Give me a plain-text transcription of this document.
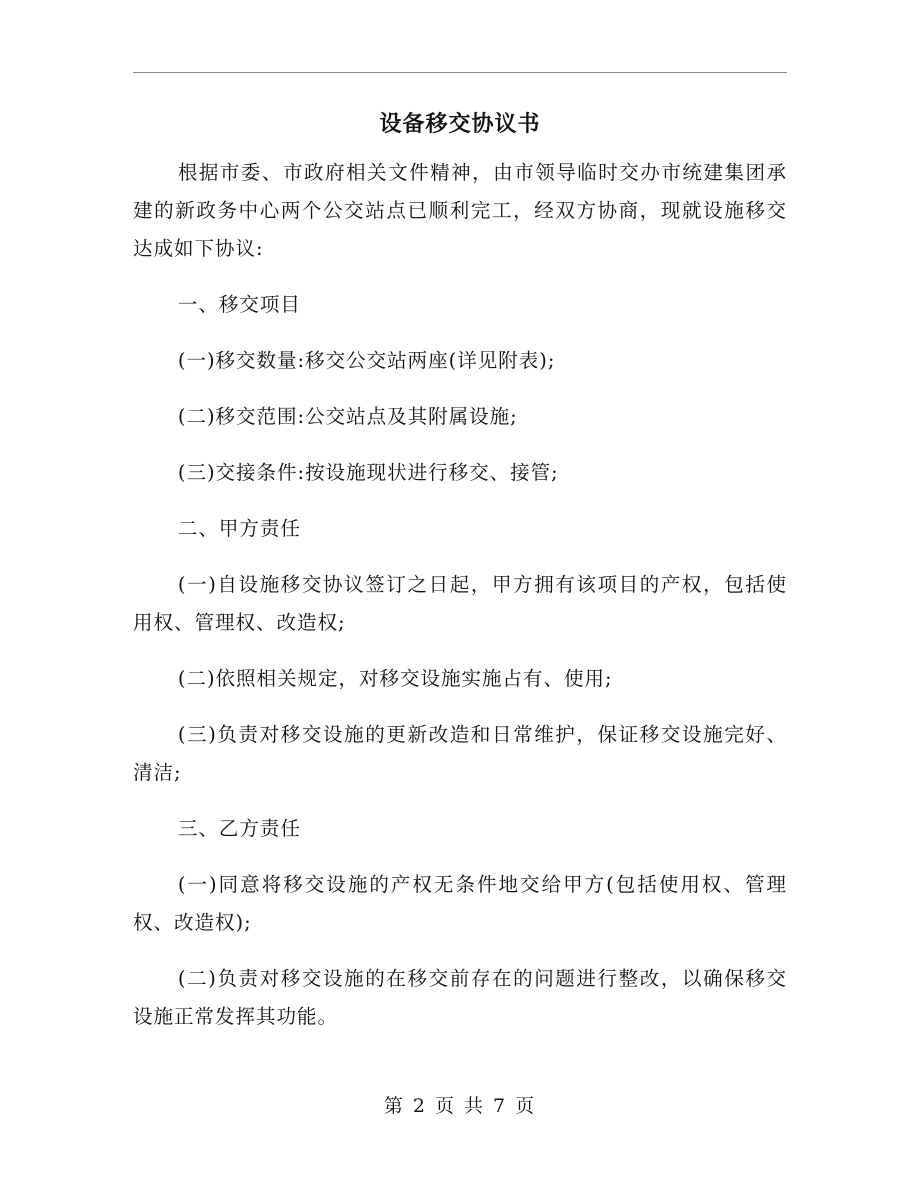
设备移交协议书

根据市委、市政府相关文件精神，由市领导临时交办市统建集团承建的新政务中心两个公交站点已顺利完工，经双方协商，现就设施移交达成如下协议:

一、移交项目

(一)移交数量:移交公交站两座(详见附表);

(二)移交范围:公交站点及其附属设施;

(三)交接条件:按设施现状进行移交、接管;

二、甲方责任

(一)自设施移交协议签订之日起，甲方拥有该项目的产权，包括使用权、管理权、改造权;

(二)依照相关规定，对移交设施实施占有、使用;

(三)负责对移交设施的更新改造和日常维护，保证移交设施完好、清洁;

三、乙方责任

(一)同意将移交设施的产权无条件地交给甲方(包括使用权、管理权、改造权);

(二)负责对移交设施的在移交前存在的问题进行整改，以确保移交设施正常发挥其功能。

第 2 页 共 7 页
